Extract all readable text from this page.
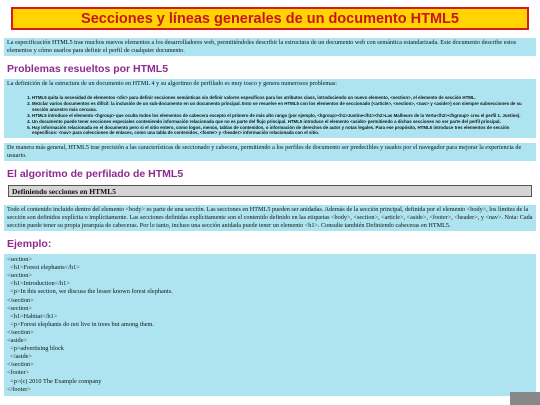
Secciones y líneas generales de un documento HTML5

La especificación HTML5 trae muchos nuevos elementos a los desarrolladores web, permitiéndoles describir la estructura de un documento web con semántica estandarizada. Este documento describe estos elementos y cómo usarlos para definir el perfil de cualquier documento.

Problemas resueltos por HTML5

La definición de la estructura de un documento en HTML 4 y su algoritmo de perfilado es muy tosco y genera numerosos problemas:

1. HTML5 quita la necesidad de elementos <div> para definir secciones semánticas sin definir valores específicos para los atributos class, introduciendo un nuevo elemento, <section>, el elemento de sección HTML.
2. Mezclar varios documentos es difícil: la inclusión de un sub-documento en un documento principal. Esto se resuelve en HTML5 con los elementos de seccionado (<article>, <section>, <nav> y <aside>) son siempre subsecciones de su sección ancestro más cercana.
3. HTML5 introduce el elemento <hgroup> que oculta todos los elementos de cabecera excepto el primero de más alto rango (por ejemplo, <hgroup><h1>Justine</h1><h2>Las Malheurs de la Vertu</h2></hgroup> crea el perfil 1. Justine).
4. Un documento puede tener secciones especiales conteniendo información relacionada que no es parte del flujo principal. HTML5 introduce el elemento <aside> permitiendo a dichas secciones no ser parte del perfil principal.
5. Hay información relacionada en el documento pero si el sitio entero, como logos, menús, tablas de contenidos, o información de derechos de autor y notas legales. Para ese propósito, HTML5 introduce tres elementos de sección específicos: <nav> para colecciones de enlaces, como una tabla de contenidos, <footer> y <header> información relacionada con el sitio.

De manera más general, HTML5 trae precisión a las características de seccionado y cabecera, permitiendo a los perfiles de documento ser predecibles y usados por el navegador para mejorar la experiencia de usuario.

El algoritmo de perfilado de HTML5
Definiendo secciones en HTML5

Todo el contenido incluido dentro del elemento <body> es parte de una sección. Las secciones en HTML5 pueden ser anidadas. Además de la sección principal, definida por el elemento <body>, los límites de la sección son definidos explícita o implícitamente. Las secciones definidas explícitamente son el contenido definido en las etiquetas <body>, <section>, <article>, <aside>, <footer>, <header>, y <nav>. Nota: Cada sección puede tener su propia jerarquía de cabeceras. Por lo tanto, incluso una sección anidada puede tener un elemento <h1>. Consulte también Definiendo cabeceras en HTML5.

Ejemplo:
<section>
<h1>Forest elephants</h1>
<section>
<h1>Introduction</h1>
<p>In this section, we discuss the lesser known forest elephants.
</section>
<section>
<h1>Habitat</h1>
<p>Forest elephants do not live in trees but among them.
</section>
<aside>
<p>advertising block
</aside>
</section>
<footer>
<p>(c) 2010 The Example company
</footer>
